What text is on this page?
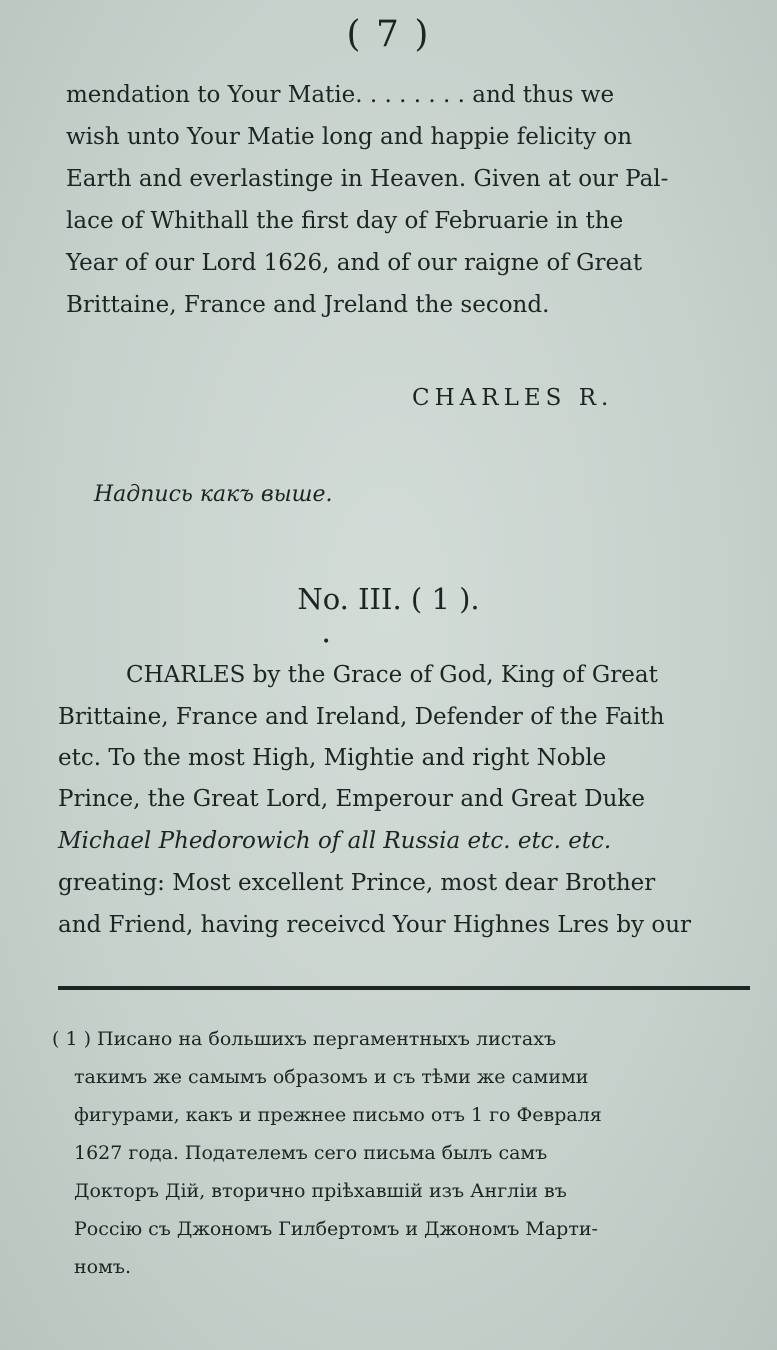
( 7 )
mendation to Your Matie. . . . . . . . and thus we
wish unto Your Matie long and happie felicity on
Earth and everlastinge in Heaven. Given at our Pal-
lace of Whithall the first day of Februarie in the
Year of our Lord 1626, and of our raigne of Great
Brittaine, France and Jreland the second.
CHARLES R.
Надпись какъ выше.
No. III. ( 1 ).
•
CHARLES by the Grace of God, King of Great
Brittaine, France and Ireland, Defender of the Faith
etc. To the most High, Mightie and right Noble
Prince, the Great Lord, Emperour and Great Duke
Michael Phedorowich of all Russia etc. etc. etc.
greating: Most excellent Prince, most dear Brother
and Friend, having receivcd Your Highnes Lres by our
( 1 ) Писано на большихъ пергаментныхъ листахъ
такимъ же самымъ образомъ и съ тѣми же самими
фигурами, какъ и прежнее письмо отъ 1 го Февраля
1627 года. Подателемъ сего письма былъ самъ
Докторъ Дій, вторично пріѣхавшій изъ Англіи въ
Россію съ Джономъ Гилбертомъ и Джономъ Марти-
номъ.
